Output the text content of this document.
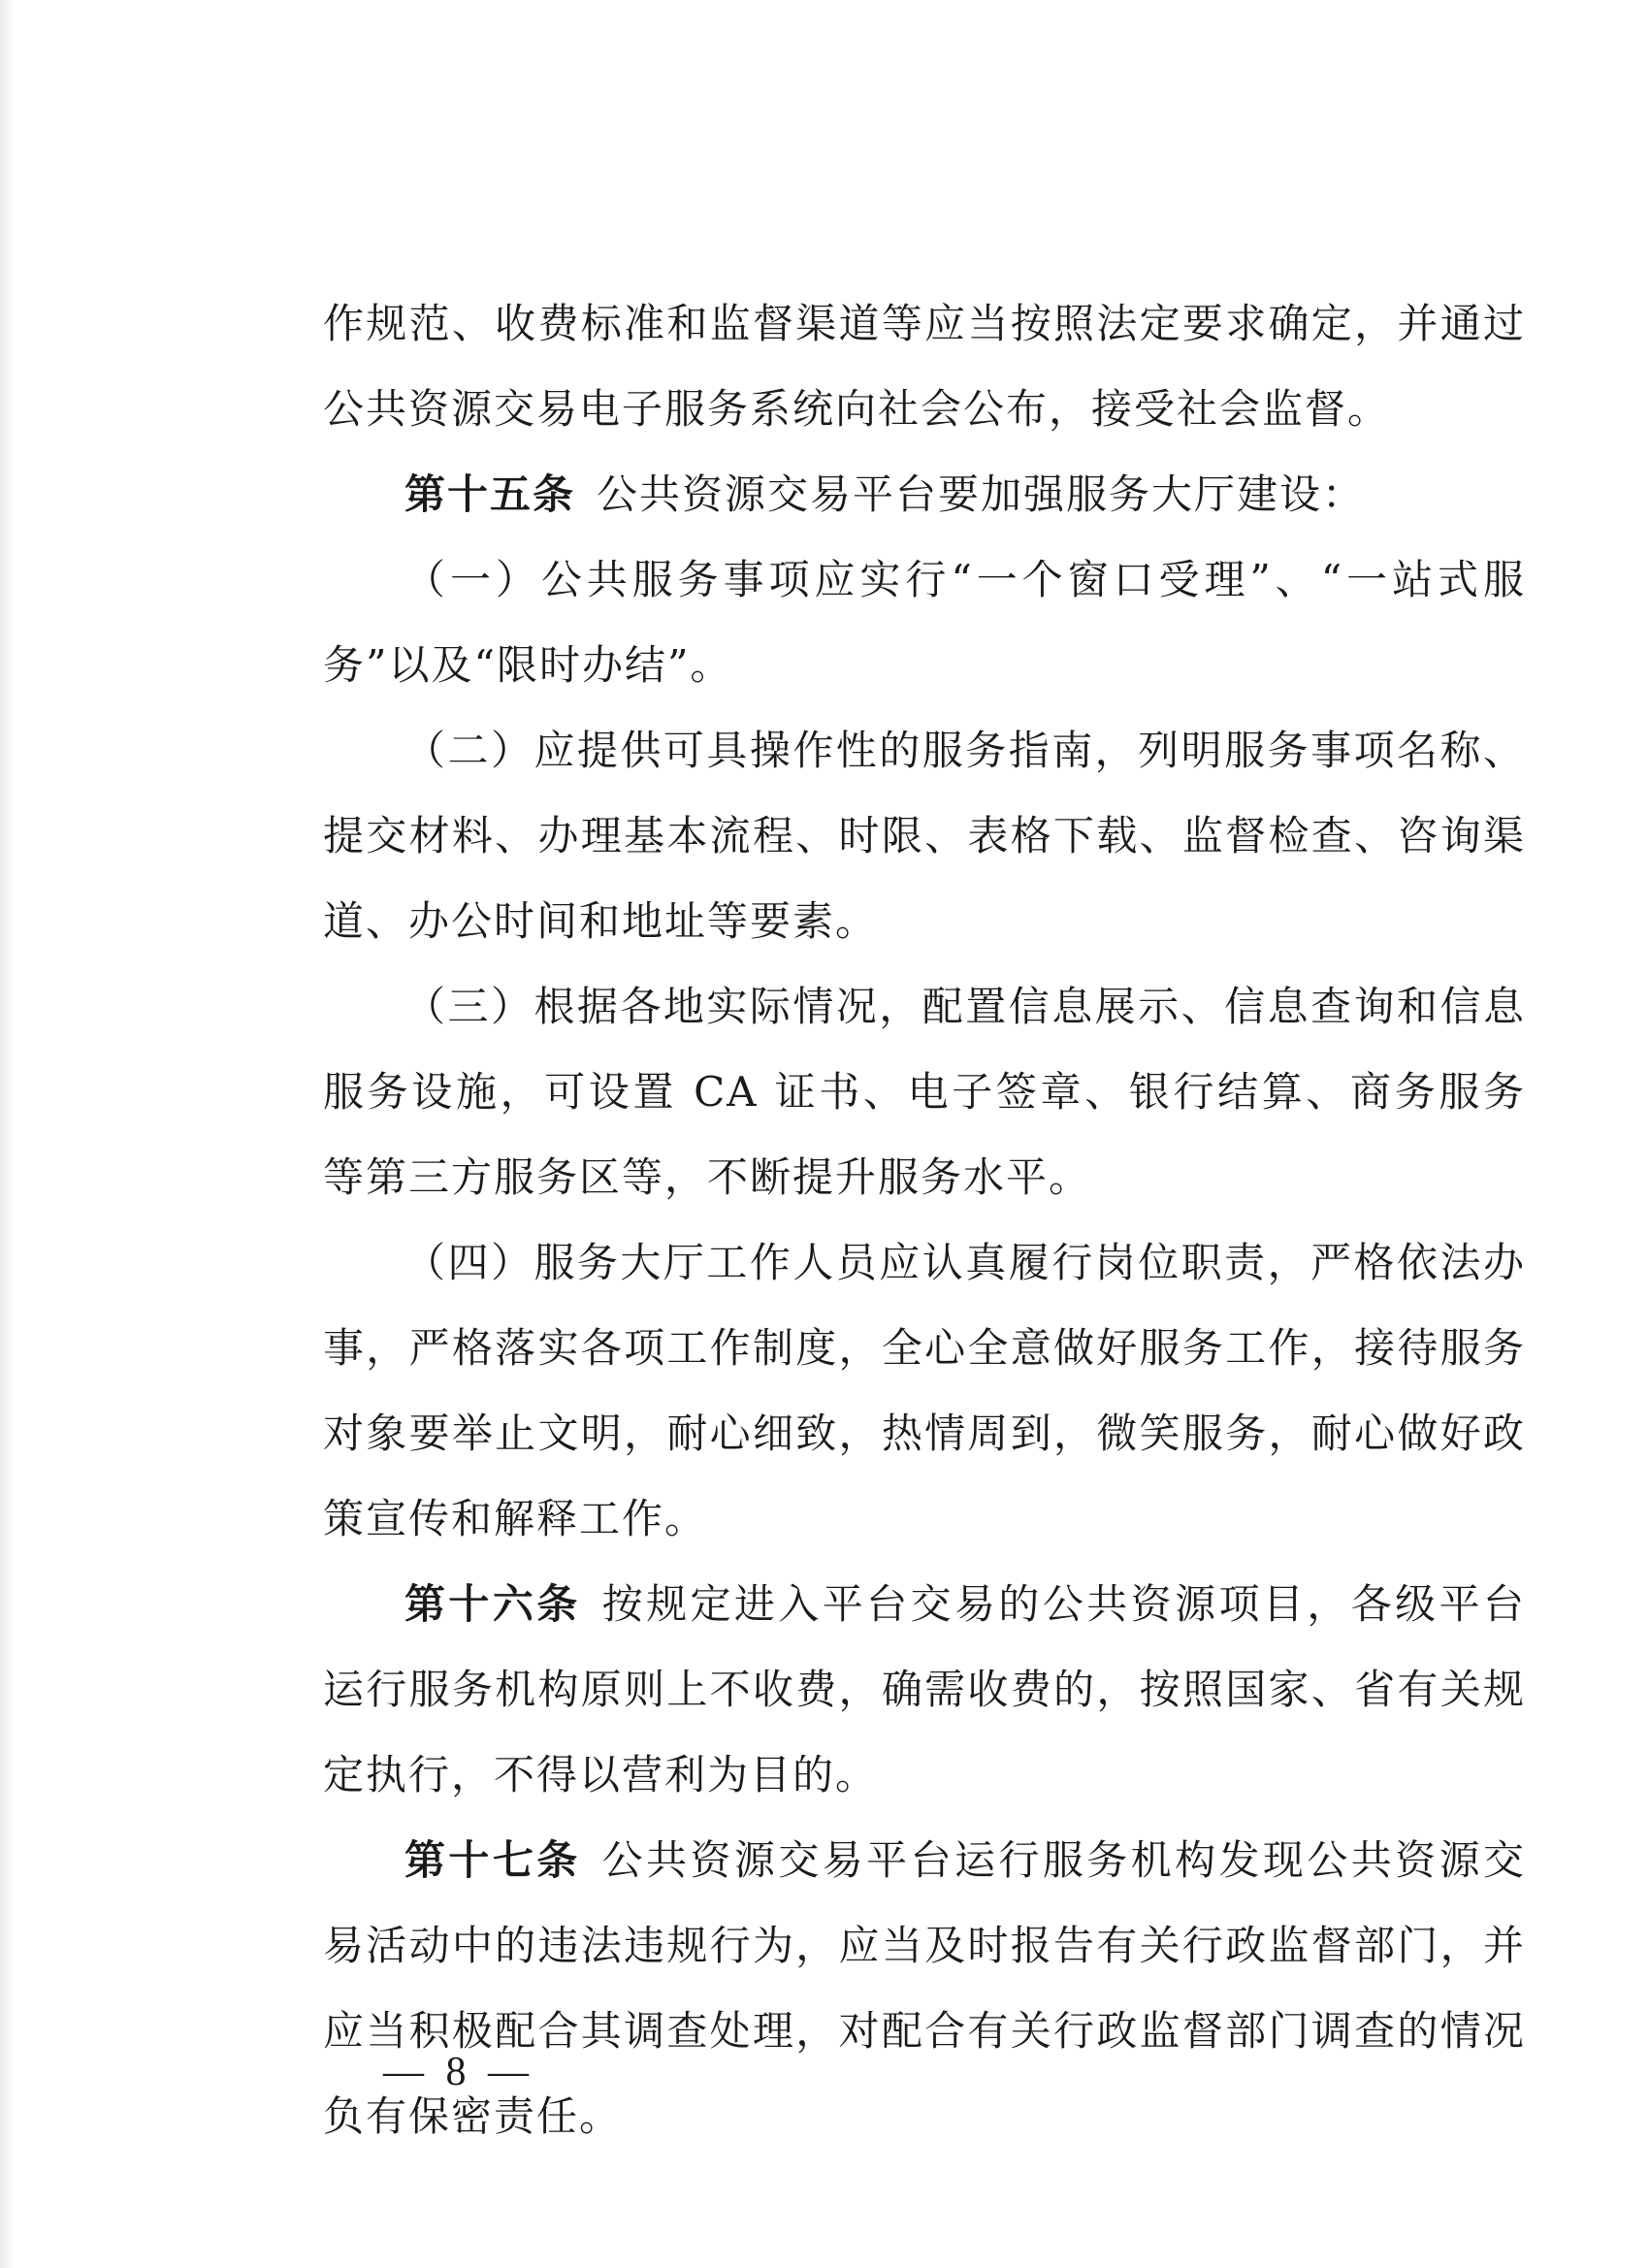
作规范、收费标准和监督渠道等应当按照法定要求确定，并通过公共资源交易电子服务系统向社会公布，接受社会监督。

第十五条 公共资源交易平台要加强服务大厅建设：

（一）公共服务事项应实行“一个窗口受理”、“一站式服务”以及“限时办结”。

（二）应提供可具操作性的服务指南，列明服务事项名称、提交材料、办理基本流程、时限、表格下载、监督检查、咨询渠道、办公时间和地址等要素。

（三）根据各地实际情况，配置信息展示、信息查询和信息服务设施，可设置 CA 证书、电子签章、银行结算、商务服务等第三方服务区等，不断提升服务水平。

（四）服务大厅工作人员应认真履行岗位职责，严格依法办事，严格落实各项工作制度，全心全意做好服务工作，接待服务对象要举止文明，耐心细致，热情周到，微笑服务，耐心做好政策宣传和解释工作。

第十六条 按规定进入平台交易的公共资源项目，各级平台运行服务机构原则上不收费，确需收费的，按照国家、省有关规定执行，不得以营利为目的。

第十七条 公共资源交易平台运行服务机构发现公共资源交易活动中的违法违规行为，应当及时报告有关行政监督部门，并应当积极配合其调查处理，对配合有关行政监督部门调查的情况负有保密责任。

— 8 —
